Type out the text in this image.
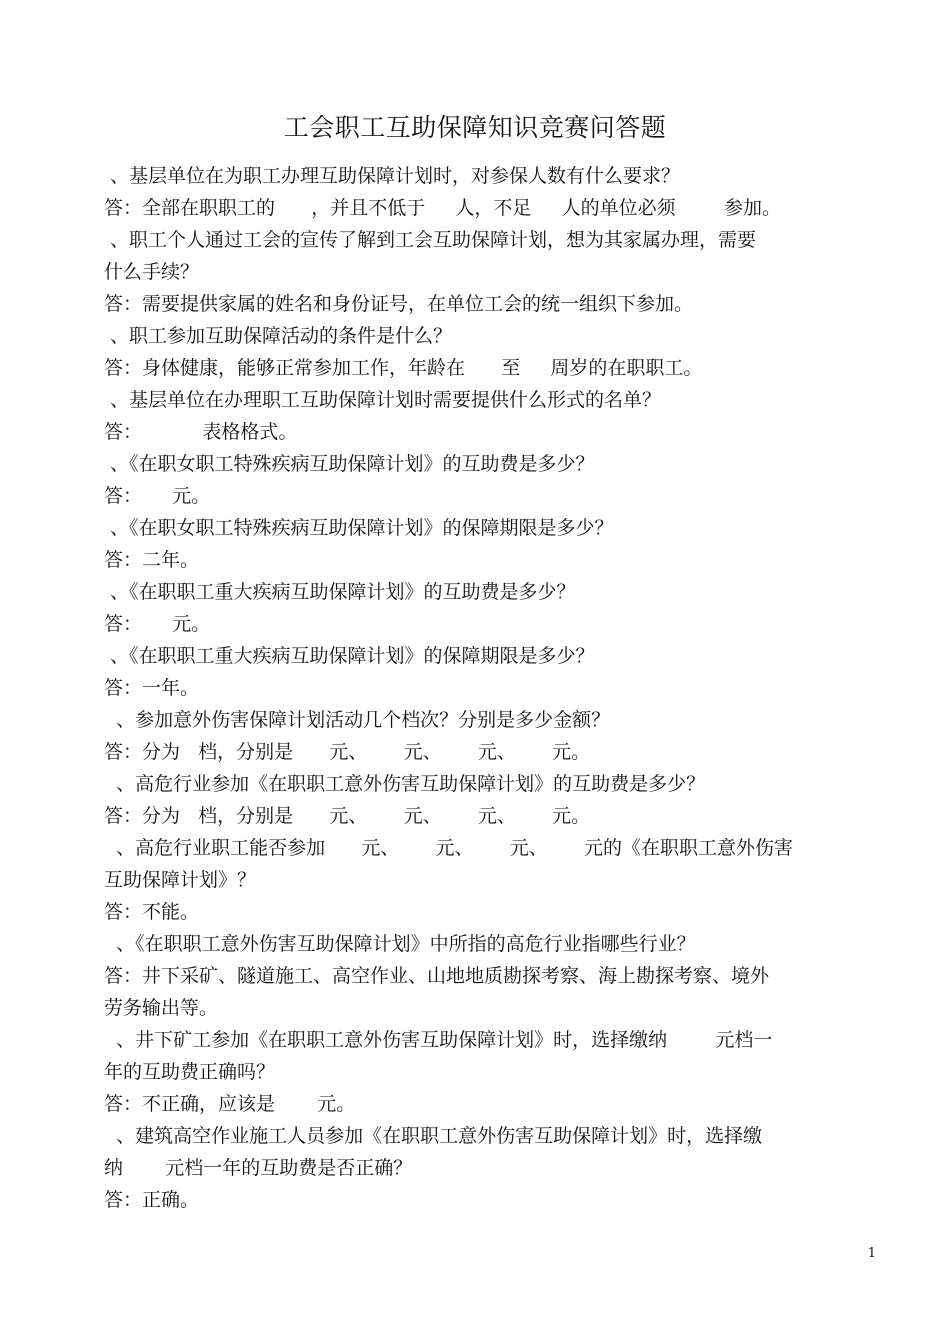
工会职工互助保障知识竞赛问答题

、基层单位在为职工办理互助保障计划时，对参保人数有什么要求？

答：全部在职职工的      ，并且不低于     人，不足     人的单位必须        参加。

、职工个人通过工会的宣传了解到工会互助保障计划，想为其家属办理，需要

什么手续？

答：需要提供家属的姓名和身份证号，在单位工会的统一组织下参加。

、职工参加互助保障活动的条件是什么？

答：身体健康，能够正常参加工作，年龄在      至     周岁的在职职工。

、基层单位在办理职工互助保障计划时需要提供什么形式的名单？

答：          表格格式。

、《在职女职工特殊疾病互助保障计划》的互助费是多少？

答：     元。

、《在职女职工特殊疾病互助保障计划》的保障期限是多少？

答：二年。

、《在职职工重大疾病互助保障计划》的互助费是多少？

答：     元。

、《在职职工重大疾病互助保障计划》的保障期限是多少？

答：一年。

、参加意外伤害保障计划活动几个档次？分别是多少金额？

答：分为   档，分别是      元、      元、      元、      元。

、高危行业参加《在职职工意外伤害互助保障计划》的互助费是多少？

答：分为   档，分别是      元、      元、      元、      元。

、高危行业职工能否参加      元、      元、      元、      元的《在职职工意外伤害

互助保障计划》？

答：不能。

、《在职职工意外伤害互助保障计划》中所指的高危行业指哪些行业？

答：井下采矿、隧道施工、高空作业、山地地质勘探考察、海上勘探考察、境外

劳务输出等。

、井下矿工参加《在职职工意外伤害互助保障计划》时，选择缴纳        元档一

年的互助费正确吗？

答：不正确，应该是       元。

、建筑高空作业施工人员参加《在职职工意外伤害互助保障计划》时，选择缴

纳       元档一年的互助费是否正确？

答：正确。

1
